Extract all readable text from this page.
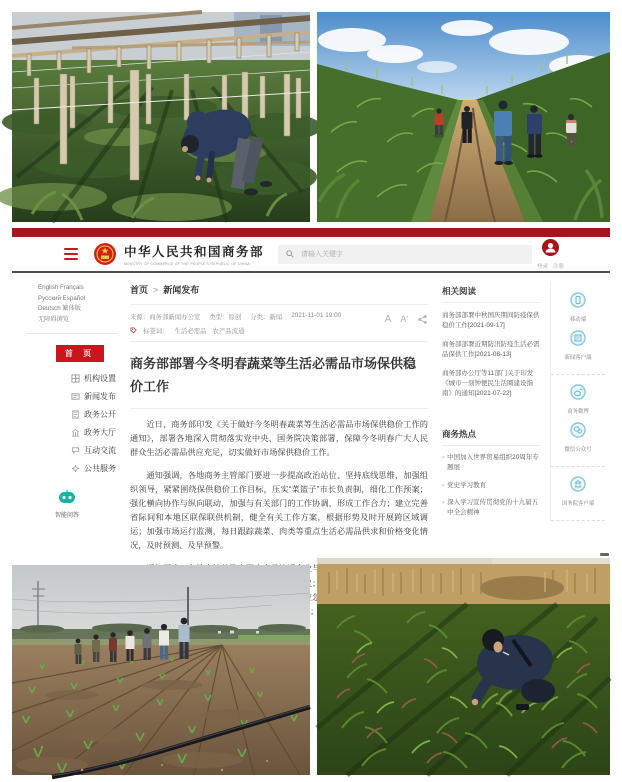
中华人民共和国商务部
MINISTRY OF COMMERCE OF THE PEOPLE'S REPUBLIC OF CHINA
请输入关键字	登录 注册
English Français
Русский Español
Deutsch 繁体版
无障碍浏览
首 页
机构设置
新闻发布
政务公开
政务大厅
互动交流
公共服务
智能问答
首页 > 新闻发布
来源：商务部新闻办公室 类型：原创 分类：新闻 2021-11-01 19:00
标签词： 生活必需品 农产品流通
A A'
商务部部署今冬明春蔬菜等生活必需品市场保供稳价工作

近日，商务部印发《关于做好今冬明春蔬菜等生活必需品市场保供稳价工作的通知》，部署各地深入贯彻落实党中央、国务院决策部署，保障今冬明春广大人民群众生活必需品供应充足，切实做好市场保供稳价工作。

通知强调，各地商务主管部门要进一步提高政治站位、坚持底线思维，加强组织领导，紧紧围绕保供稳价工作目标，压实“菜篮子”市长负责制，细化工作预案；强化横向协作与纵向联动，加强与有关部门的工作协调，形成工作合力；建立完善省际间和本地区联保联供机制，健全有关工作方案，根据形势及时开展跨区域调运；加强市场运行监测，每日跟踪蔬菜、肉类等重点生活必需品供求和价格变化情况，及时预测、及早预警。

相关阅读
商务部部署中秋国庆期间防疫保供稳价工作[2021-09-17]
商务部部署近期防汛防疫生活必需品保供工作[2021-08-13]
商务部办公厅等11部门关于印发《城市一刻钟便民生活圈建设指南》的通知[2021-07-22]
商务热点
› 中国加入世界贸易组织20周年专题展
› 党史学习教育
› 深入学习宣传贯彻党的十九届五中全会精神
移动端
新闻客户端
商务微博
微信公众号
国务院客户端
